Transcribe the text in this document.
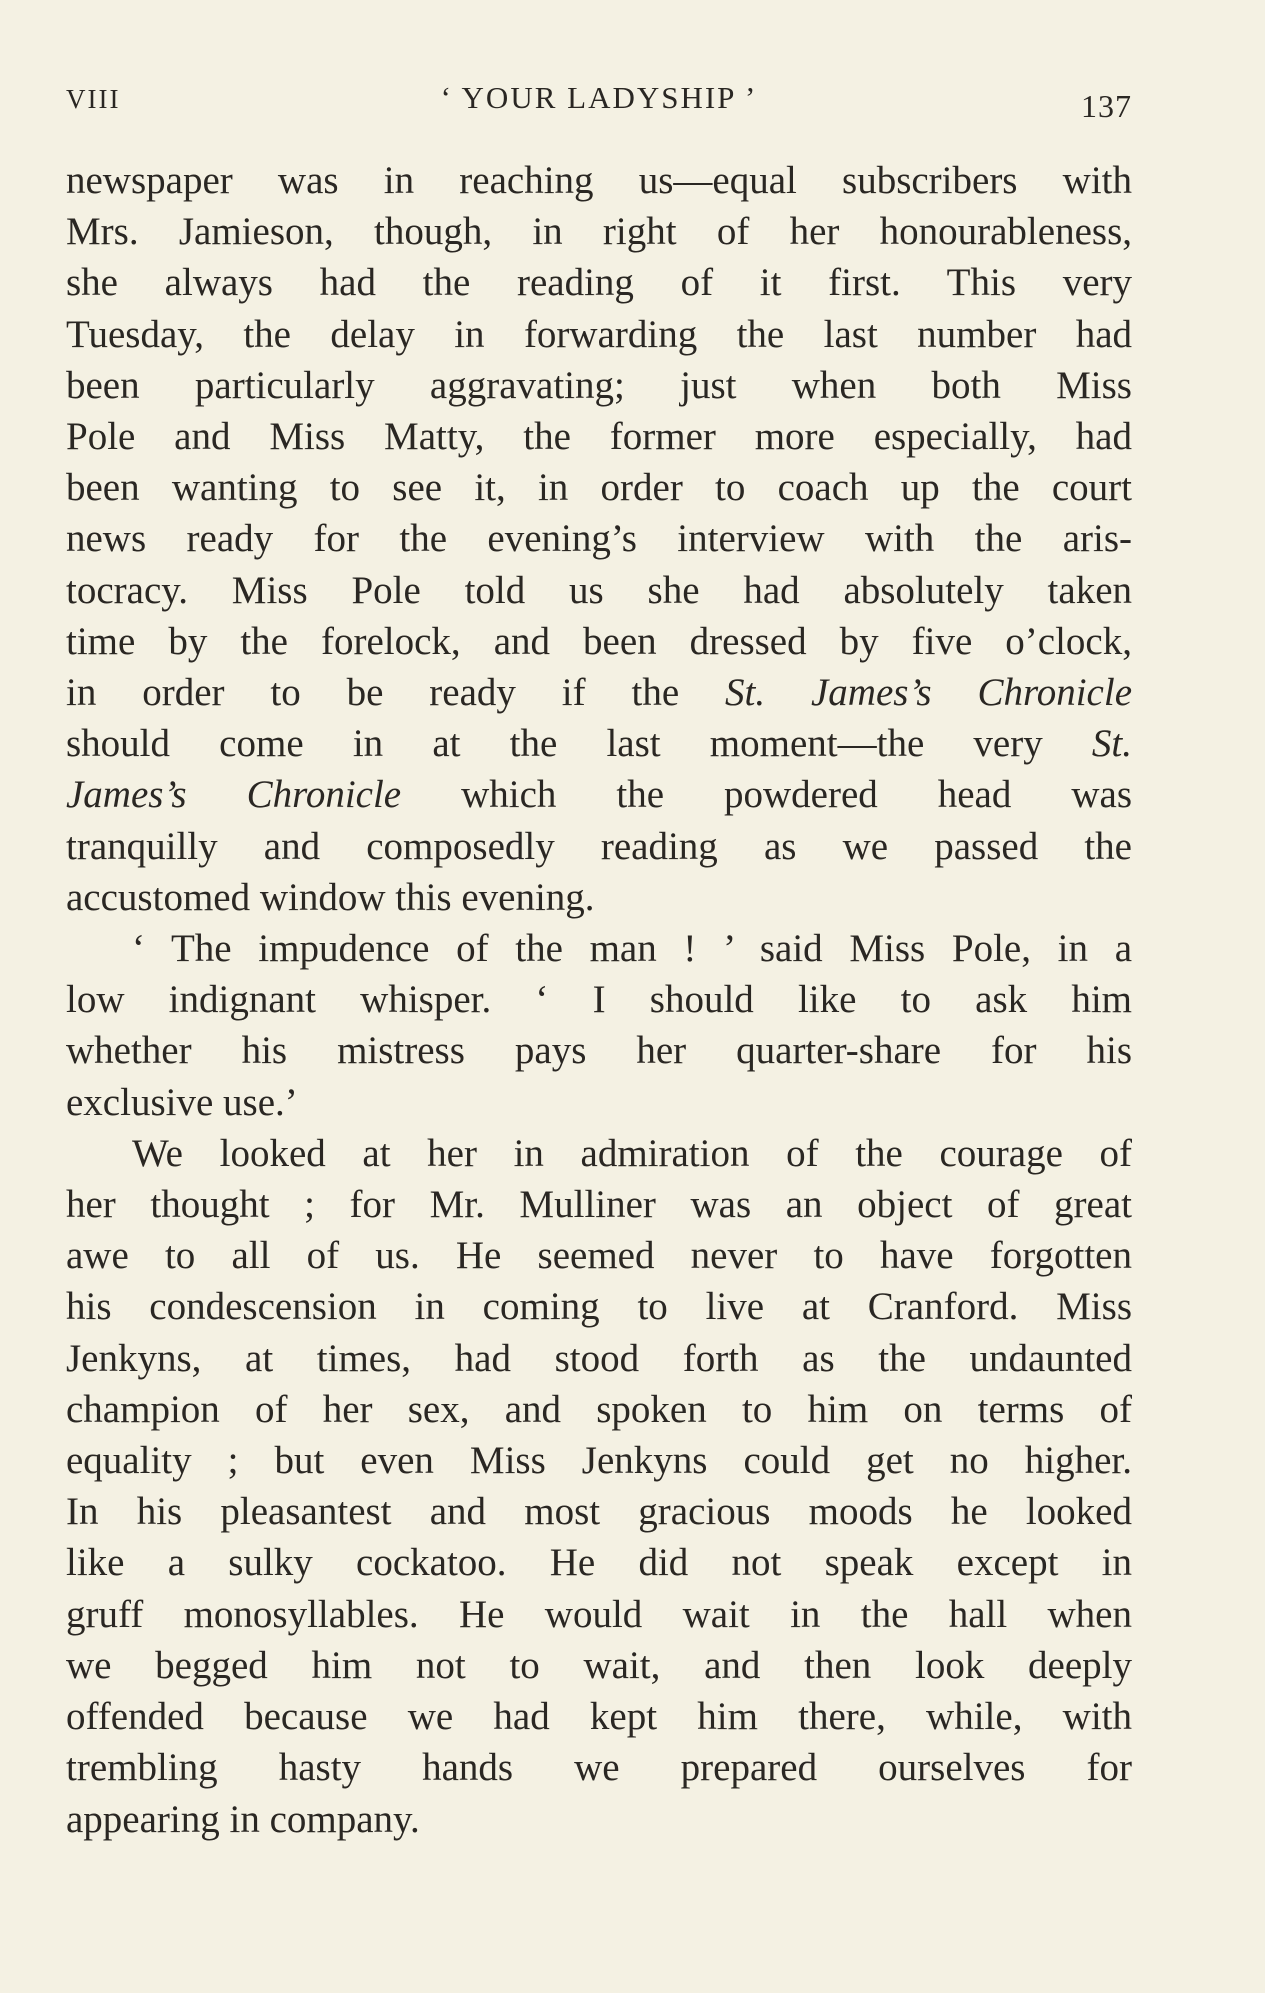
VIII	‘ YOUR LADYSHIP ’	137

newspaper was in reaching us—equal subscribers with
Mrs. Jamieson, though, in right of her honourableness,
she always had the reading of it first. This very
Tuesday, the delay in forwarding the last number had
been particularly aggravating; just when both Miss
Pole and Miss Matty, the former more especially, had
been wanting to see it, in order to coach up the court
news ready for the evening’s interview with the aris-
tocracy. Miss Pole told us she had absolutely taken
time by the forelock, and been dressed by five o’clock,
in order to be ready if the St. James’s Chronicle
should come in at the last moment—the very St.
James’s Chronicle which the powdered head was
tranquilly and composedly reading as we passed the
accustomed window this evening.

‘ The impudence of the man ! ’ said Miss Pole, in a
low indignant whisper. ‘ I should like to ask him
whether his mistress pays her quarter-share for his
exclusive use.’

We looked at her in admiration of the courage of
her thought ; for Mr. Mulliner was an object of great
awe to all of us. He seemed never to have forgotten
his condescension in coming to live at Cranford. Miss
Jenkyns, at times, had stood forth as the undaunted
champion of her sex, and spoken to him on terms of
equality ; but even Miss Jenkyns could get no higher.
In his pleasantest and most gracious moods he looked
like a sulky cockatoo. He did not speak except in
gruff monosyllables. He would wait in the hall when
we begged him not to wait, and then look deeply
offended because we had kept him there, while, with
trembling hasty hands we prepared ourselves for
appearing in company.
